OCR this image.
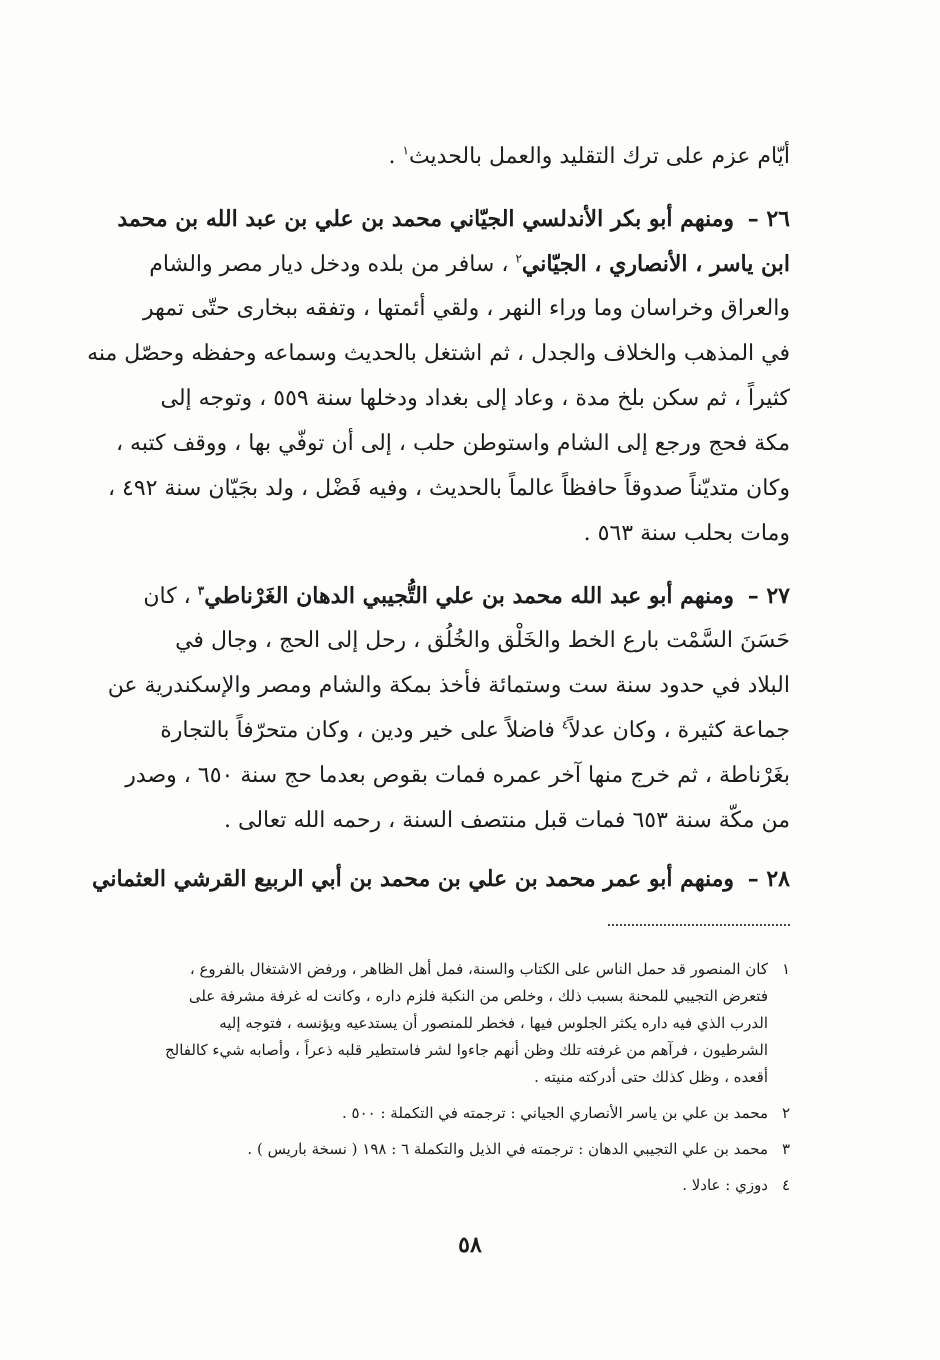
أيّام عزم على ترك التقليد والعمل بالحديث$^١$ .
٢٦ – ومنهم أبو بكر الأندلسي الجيّاني محمد بن علي بن عبد الله بن محمد
ابن ياسر ، الأنصاري ، الجيّاني$^٢$ ، سافر من بلده ودخل ديار مصر والشام
والعراق وخراسان وما وراء النهر ، ولقي أئمتها ، وتفقه ببخارى حتّى تمهر
في المذهب والخلاف والجدل ، ثم اشتغل بالحديث وسماعه وحفظه وحصّل منه
كثيراً ، ثم سكن بلخ مدة ، وعاد إلى بغداد ودخلها سنة ٥٥٩ ، وتوجه إلى
مكة فحج ورجع إلى الشام واستوطن حلب ، إلى أن توفّي بها ، ووقف كتبه ،
وكان متديّناً صدوقاً حافظاً عالماً بالحديث ، وفيه فَضْل ، ولد بجَيّان سنة ٤٩٢ ،
ومات بحلب سنة ٥٦٣ .
٢٧ – ومنهم أبو عبد الله محمد بن علي التُّجيبي الدهان الغَرْناطي$^٣$ ، كان
حَسَنَ السَّمْت بارع الخط والخَلْق والخُلُق ، رحل إلى الحج ، وجال في
البلاد في حدود سنة ست وستمائة فأخذ بمكة والشام ومصر والإسكندرية عن
جماعة كثيرة ، وكان عدلاً$^٤$ فاضلاً على خير ودين ، وكان متحرّفاً بالتجارة
بغَرْناطة ، ثم خرج منها آخر عمره فمات بقوص بعدما حج سنة ٦٥٠ ، وصدر
من مكّة سنة ٦٥٣ فمات قبل منتصف السنة ، رحمه الله تعالى .
٢٨ – ومنهم أبو عمر محمد بن علي بن محمد بن أبي الربيع القرشي العثماني
١كان المنصور قد حمل الناس على الكتاب والسنة، فمل أهل الظاهر ، ورفض الاشتغال بالفروع ،
فتعرض التجيبي للمحنة بسبب ذلك ، وخلص من النكبة فلزم داره ، وكانت له غرفة مشرفة على
الدرب الذي فيه داره يكثر الجلوس فيها ، فخطر للمنصور أن يستدعيه ويؤنسه ، فتوجه إليه
الشرطيون ، فرآهم من غرفته تلك وظن أنهم جاءوا لشر فاستطير قلبه ذعراً ، وأصابه شيء كالفالج
أقعده ، وظل كذلك حتى أدركته منيته .
٢محمد بن علي بن ياسر الأنصاري الجياني : ترجمته في التكملة : ٥٠٠ .
٣محمد بن علي التجيبي الدهان : ترجمته في الذيل والتكملة ٦ : ١٩٨ ( نسخة باريس ) .
٤دوزي : عادلا .
٥٨
